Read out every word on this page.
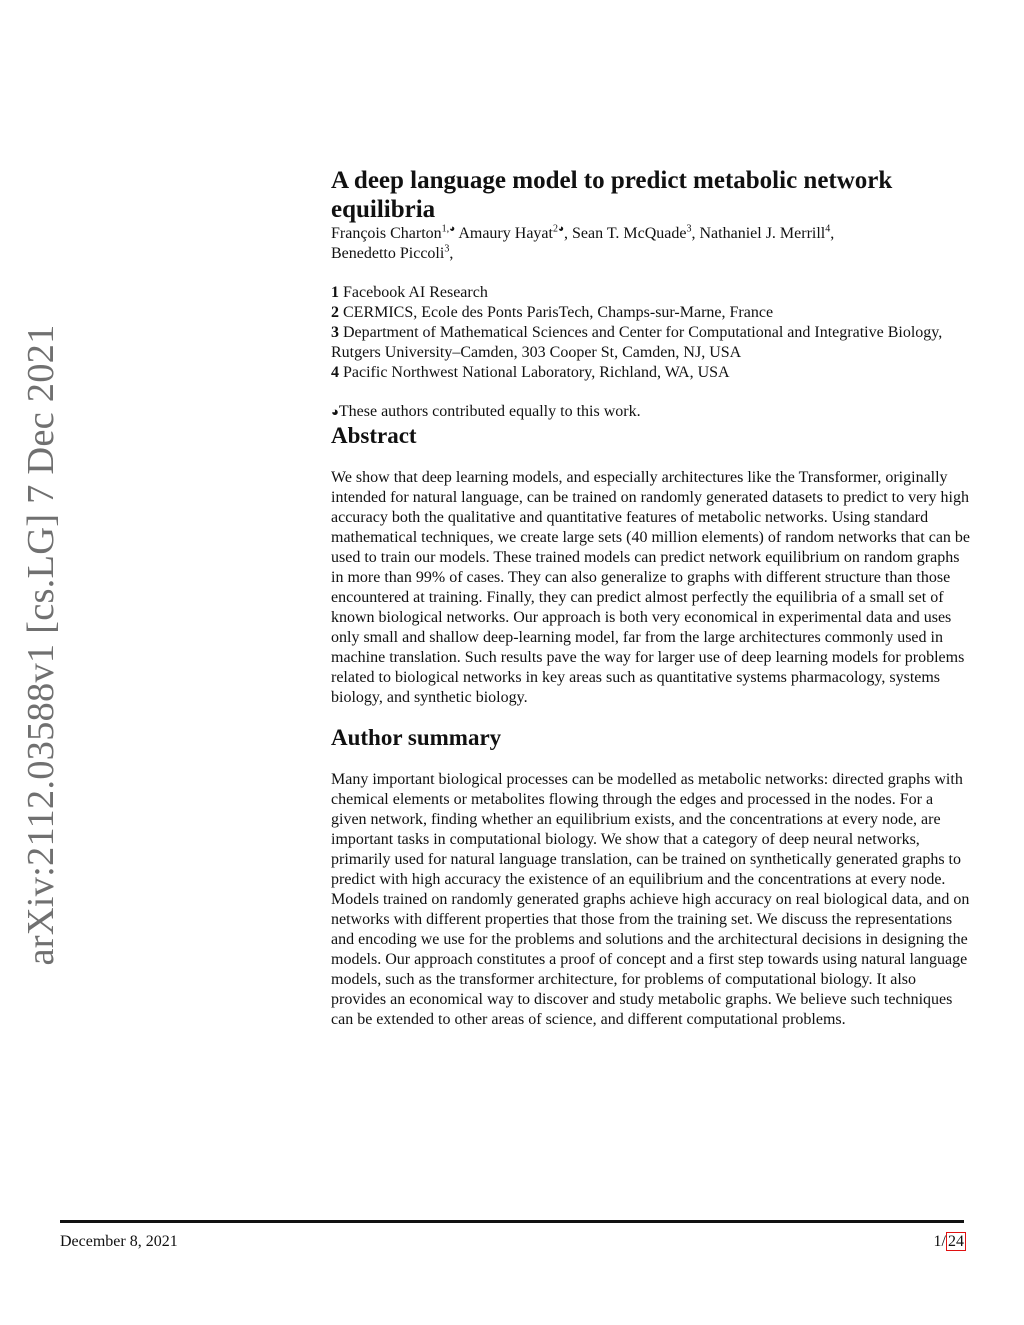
arXiv:2112.03588v1 [cs.LG] 7 Dec 2021
A deep language model to predict metabolic network
equilibria
François Charton$^{1,◕}$ Amaury Hayat$^{2◕}$, Sean T. McQuade$^3$, Nathaniel J. Merrill$^4$,
Benedetto Piccoli$^3$,
1 Facebook AI Research
2 CERMICS, Ecole des Ponts ParisTech, Champs-sur-Marne, France
3 Department of Mathematical Sciences and Center for Computational and Integrative Biology, Rutgers University–Camden, 303 Cooper St, Camden, NJ, USA
4 Pacific Northwest National Laboratory, Richland, WA, USA
◕These authors contributed equally to this work.
Abstract

We show that deep learning models, and especially architectures like the Transformer, originally intended for natural language, can be trained on randomly generated datasets to predict to very high accuracy both the qualitative and quantitative features of metabolic networks. Using standard mathematical techniques, we create large sets (40 million elements) of random networks that can be used to train our models. These trained models can predict network equilibrium on random graphs in more than 99% of cases. They can also generalize to graphs with different structure than those encountered at training. Finally, they can predict almost perfectly the equilibria of a small set of known biological networks. Our approach is both very economical in experimental data and uses only small and shallow deep-learning model, far from the large architectures commonly used in machine translation. Such results pave the way for larger use of deep learning models for problems related to biological networks in key areas such as quantitative systems pharmacology, systems biology, and synthetic biology.

Author summary

Many important biological processes can be modelled as metabolic networks: directed graphs with chemical elements or metabolites flowing through the edges and processed in the nodes. For a given network, finding whether an equilibrium exists, and the concentrations at every node, are important tasks in computational biology. We show that a category of deep neural networks, primarily used for natural language translation, can be trained on synthetically generated graphs to predict with high accuracy the existence of an equilibrium and the concentrations at every node. Models trained on randomly generated graphs achieve high accuracy on real biological data, and on networks with different properties that those from the training set. We discuss the representations and encoding we use for the problems and solutions and the architectural decisions in designing the models. Our approach constitutes a proof of concept and a first step towards using natural language models, such as the transformer architecture, for problems of computational biology. It also provides an economical way to discover and study metabolic graphs. We believe such techniques can be extended to other areas of science, and different computational problems.

December 8, 2021	1/ 24
